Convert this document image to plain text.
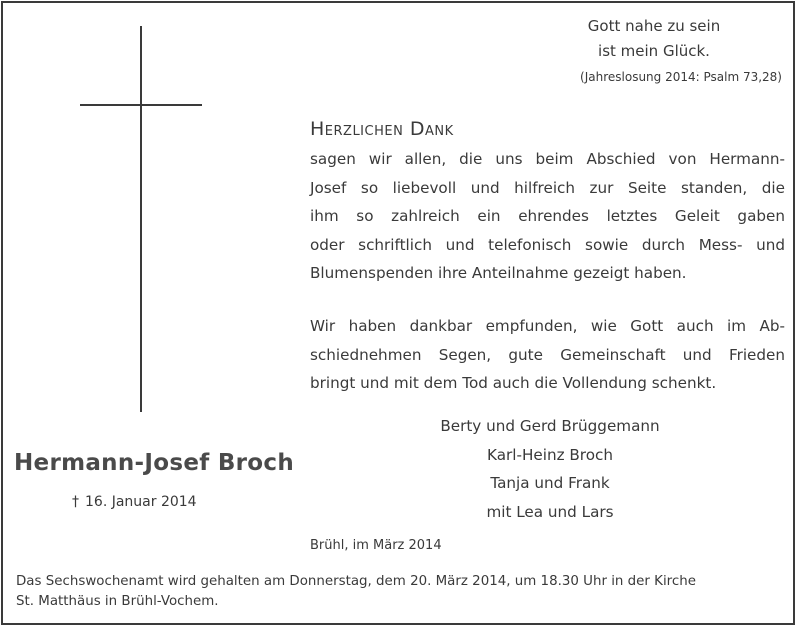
Gott nahe zu sein
ist mein Glück.
(Jahreslosung 2014: Psalm 73,28)
Hermann-Josef Broch
† 16. Januar 2014
Herzlichen Dank
sagen wir allen, die uns beim Abschied von Hermann-
Josef so liebevoll und hilfreich zur Seite standen, die
ihm so zahlreich ein ehrendes letztes Geleit gaben
oder schriftlich und telefonisch sowie durch Mess- und
Blumenspenden ihre Anteilnahme gezeigt haben.
Wir haben dankbar empfunden, wie Gott auch im Ab-
schiednehmen Segen, gute Gemeinschaft und Frieden
bringt und mit dem Tod auch die Vollendung schenkt.
Berty und Gerd Brüggemann
Karl-Heinz Broch
Tanja und Frank
mit Lea und Lars
Brühl, im März 2014
Das Sechswochenamt wird gehalten am Donnerstag, dem 20. März 2014, um 18.30 Uhr in der Kirche
St. Matthäus in Brühl-Vochem.
